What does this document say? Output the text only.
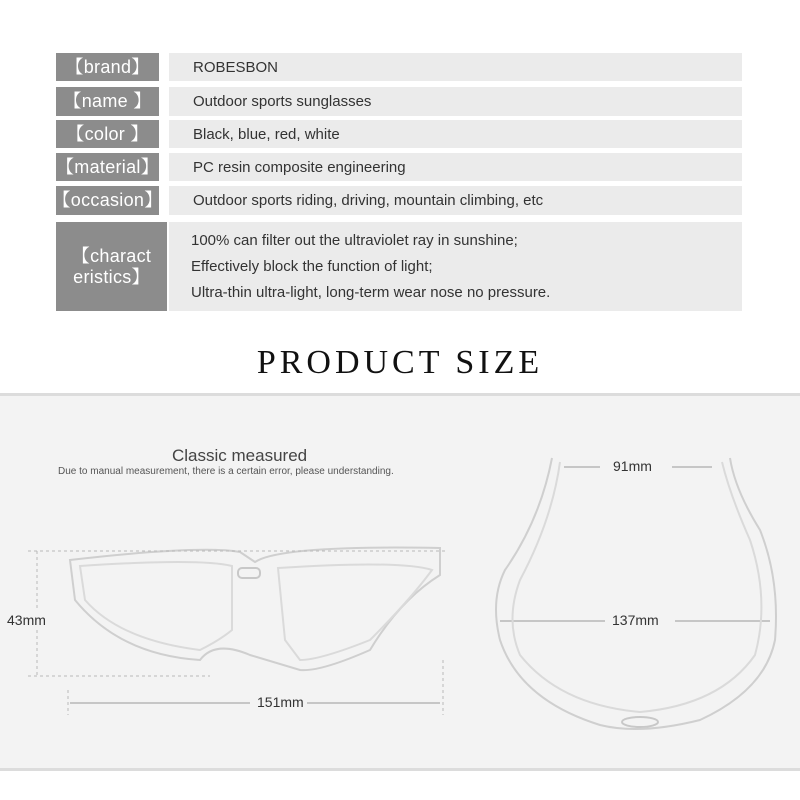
【brand】	ROBESBON
【name 】	Outdoor sports sunglasses
【color 】	Black, blue, red, white
【material】	PC resin composite engineering
【occasion】	Outdoor sports riding, driving, mountain climbing, etc
【charact eristics】
100% can filter out the ultraviolet ray in sunshine;
Effectively block the function of light;
Ultra-thin ultra-light, long-term wear nose no pressure.
PRODUCT SIZE
Classic measured
Due to manual measurement, there is a certain error, please understanding.
43mm
151mm
91mm
137mm
